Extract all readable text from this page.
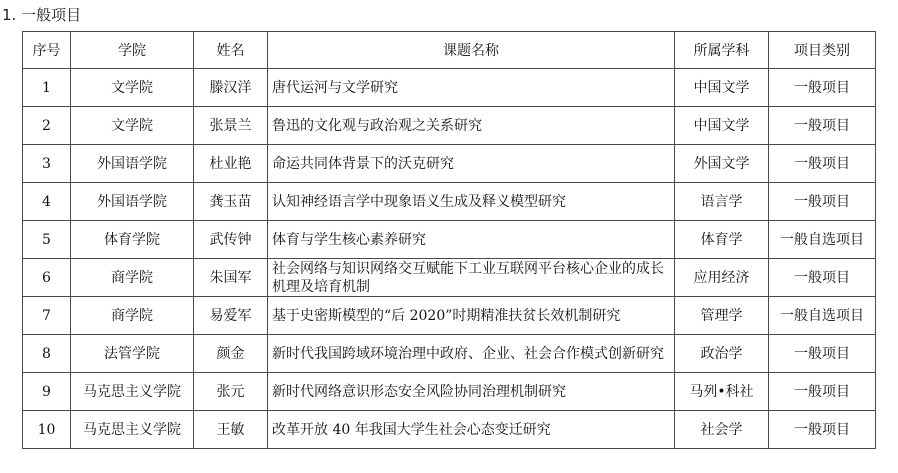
1. 一般项目
序号	学院	姓名	课题名称	所属学科	项目类别
1	文学院	滕汉洋	唐代运河与文学研究	中国文学	一般项目
2	文学院	张景兰	鲁迅的文化观与政治观之关系研究	中国文学	一般项目
3	外国语学院	杜业艳	命运共同体背景下的沃克研究	外国文学	一般项目
4	外国语学院	龚玉苗	认知神经语言学中现象语义生成及释义模型研究	语言学	一般项目
5	体育学院	武传钟	体育与学生核心素养研究	体育学	一般自选项目
6	商学院	朱国军	社会网络与知识网络交互赋能下工业互联网平台核心企业的成长机理及培育机制	应用经济	一般项目
7	商学院	易爱军	基于史密斯模型的“后 2020”时期精准扶贫长效机制研究	管理学	一般自选项目
8	法管学院	颜金	新时代我国跨域环境治理中政府、企业、社会合作模式创新研究	政治学	一般项目
9	马克思主义学院	张元	新时代网络意识形态安全风险协同治理机制研究	马列•科社	一般项目
10	马克思主义学院	王敏	改革开放 40 年我国大学生社会心态变迁研究	社会学	一般项目
